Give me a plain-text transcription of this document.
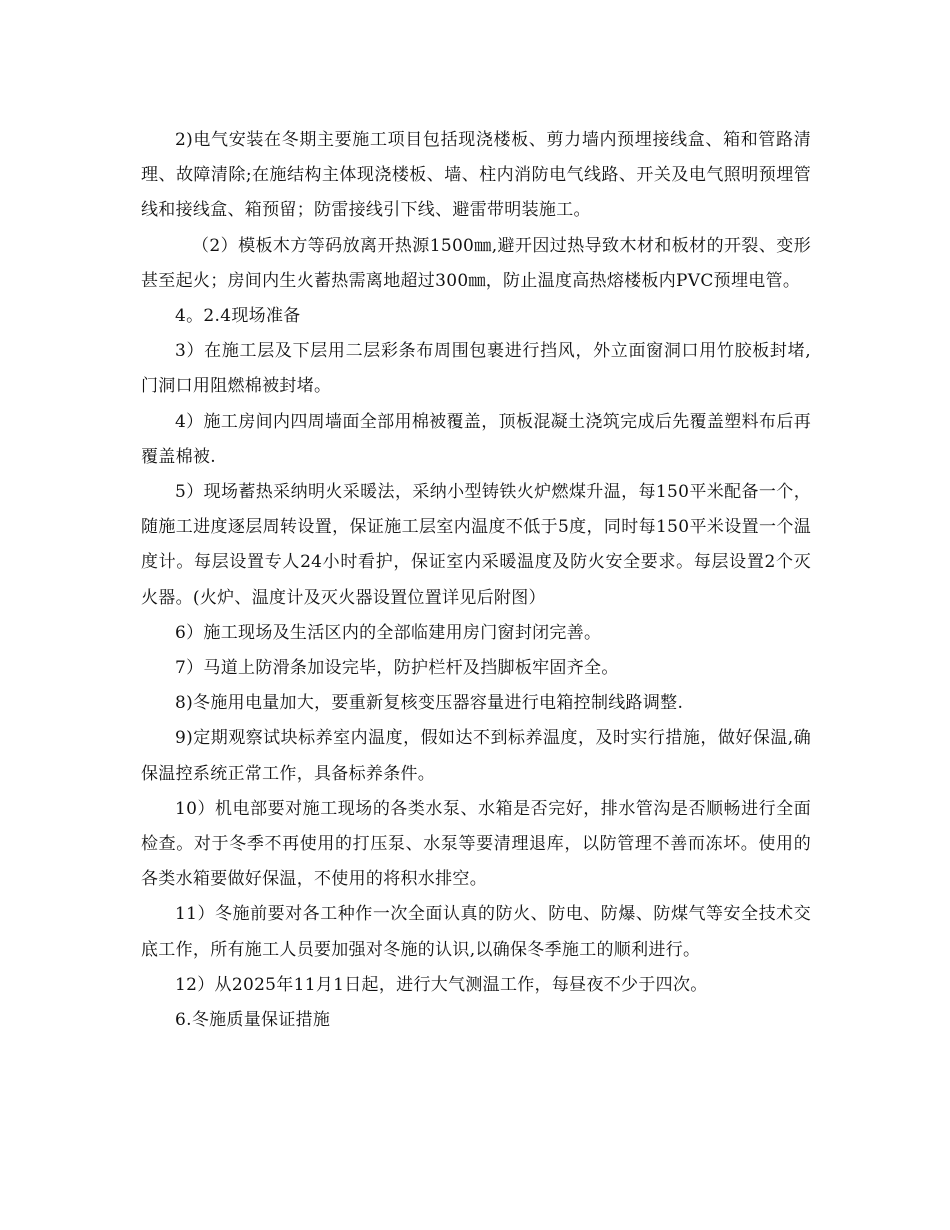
2)电气安装在冬期主要施工项目包括现浇楼板、剪力墙内预埋接线盒、箱和管路清理、故障清除;在施结构主体现浇楼板、墙、柱内消防电气线路、开关及电气照明预埋管线和接线盒、箱预留；防雷接线引下线、避雷带明装施工。

（2）模板木方等码放离开热源1500㎜,避开因过热导致木材和板材的开裂、变形甚至起火；房间内生火蓄热需离地超过300㎜，防止温度高热熔楼板内PVC预埋电管。

4。2.4现场准备

3）在施工层及下层用二层彩条布周围包裹进行挡风，外立面窗洞口用竹胶板封堵,门洞口用阻燃棉被封堵。

4）施工房间内四周墙面全部用棉被覆盖，顶板混凝土浇筑完成后先覆盖塑料布后再覆盖棉被.

5）现场蓄热采纳明火采暖法，采纳小型铸铁火炉燃煤升温，每150平米配备一个，随施工进度逐层周转设置，保证施工层室内温度不低于5度，同时每150平米设置一个温度计。每层设置专人24小时看护，保证室内采暖温度及防火安全要求。每层设置2个灭火器。(火炉、温度计及灭火器设置位置详见后附图）

6）施工现场及生活区内的全部临建用房门窗封闭完善。

7）马道上防滑条加设完毕，防护栏杆及挡脚板牢固齐全。

8)冬施用电量加大，要重新复核变压器容量进行电箱控制线路调整.

9)定期观察试块标养室内温度，假如达不到标养温度，及时实行措施，做好保温,确保温控系统正常工作，具备标养条件。

10）机电部要对施工现场的各类水泵、水箱是否完好，排水管沟是否顺畅进行全面检查。对于冬季不再使用的打压泵、水泵等要清理退库，以防管理不善而冻坏。使用的各类水箱要做好保温，不使用的将积水排空。

11）冬施前要对各工种作一次全面认真的防火、防电、防爆、防煤气等安全技术交底工作，所有施工人员要加强对冬施的认识,以确保冬季施工的顺利进行。

12）从2025年11月1日起，进行大气测温工作，每昼夜不少于四次。

6.冬施质量保证措施
